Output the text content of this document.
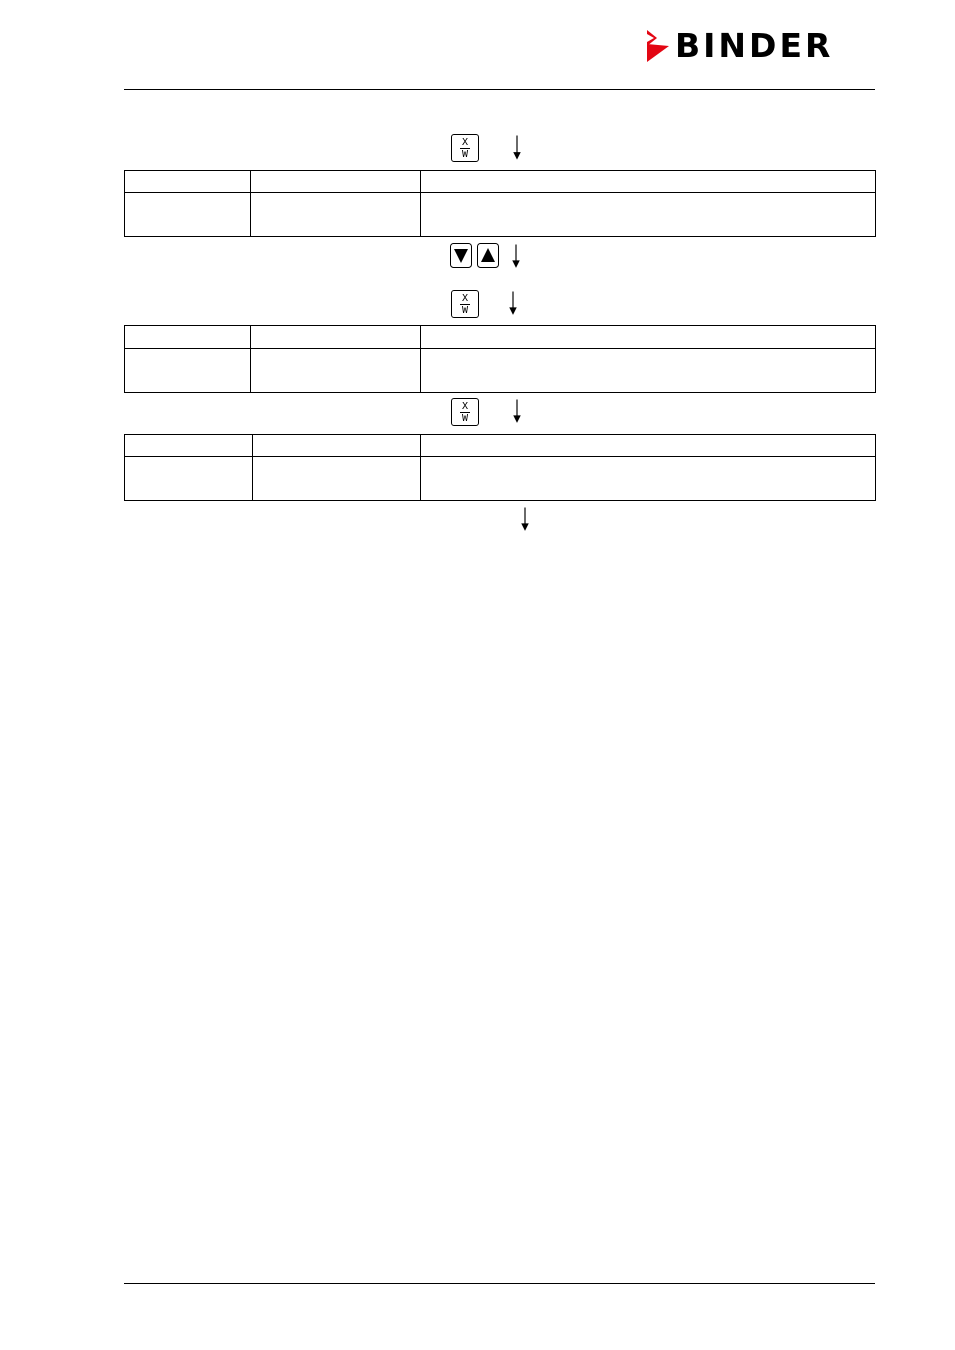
BINDER
$\frac{X}{W}$

$\frac{X}{W}$

$\frac{X}{W}$
